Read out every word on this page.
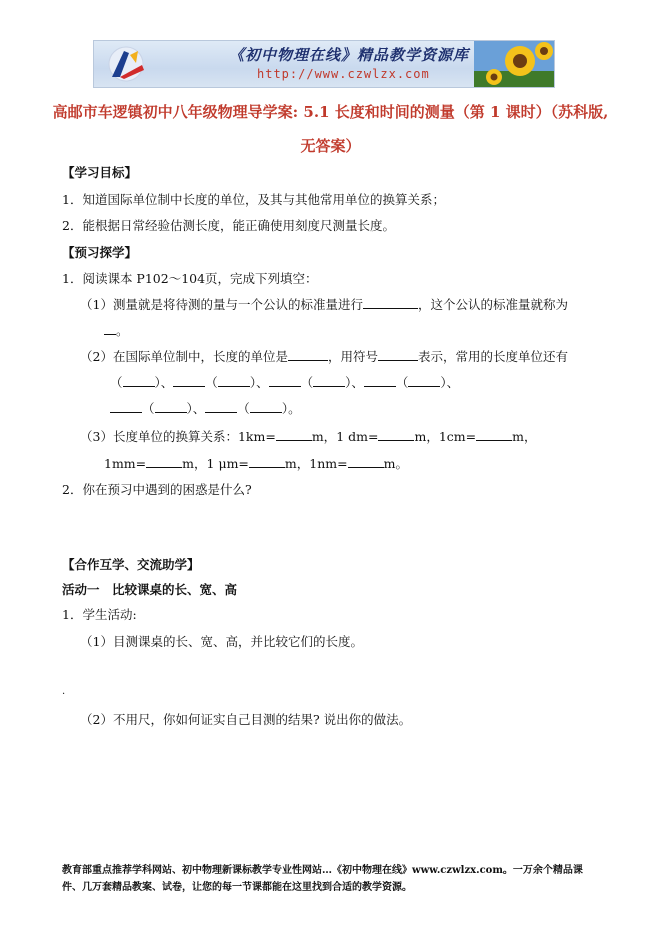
《初中物理在线》精品教学资源库
http://www.czwlzx.com
高邮市车逻镇初中八年级物理导学案: 5.1 长度和时间的测量（第 1 课时）（苏科版, 无答案）
【学习目标】
1．知道国际单位制中长度的单位，及其与其他常用单位的换算关系；
2．能根据日常经验估测长度，能正确使用刻度尺测量长度。
【预习探学】
1．阅读课本 P102～104页，完成下列填空：
（1）测量就是将待测的量与一个公认的标准量进行	，这个公认的标准量就称为
。
（2）在国际单位制中，长度的单位是	，用符号	表示，常用的长度单位还有
（	）、	（	）、	（	）、	（	）、
（	）、	（	）。
（3）长度单位的换算关系：1km=	m，1 dm=	m，1cm=	m，
1mm=	m，1 μm=	m，1nm=	m。
2．你在预习中遇到的困惑是什么?
【合作互学、交流助学】
活动一　比较课桌的长、宽、高
1．学生活动:
（1）目测课桌的长、宽、高，并比较它们的长度。
.
（2）不用尺，你如何证实自己目测的结果? 说出你的做法。
教育部重点推荐学科网站、初中物理新课标教学专业性网站…《初中物理在线》www.czwlzx.com。一万余个精品课件、几万套精品教案、试卷，让您的每一节课都能在这里找到合适的教学资源。
